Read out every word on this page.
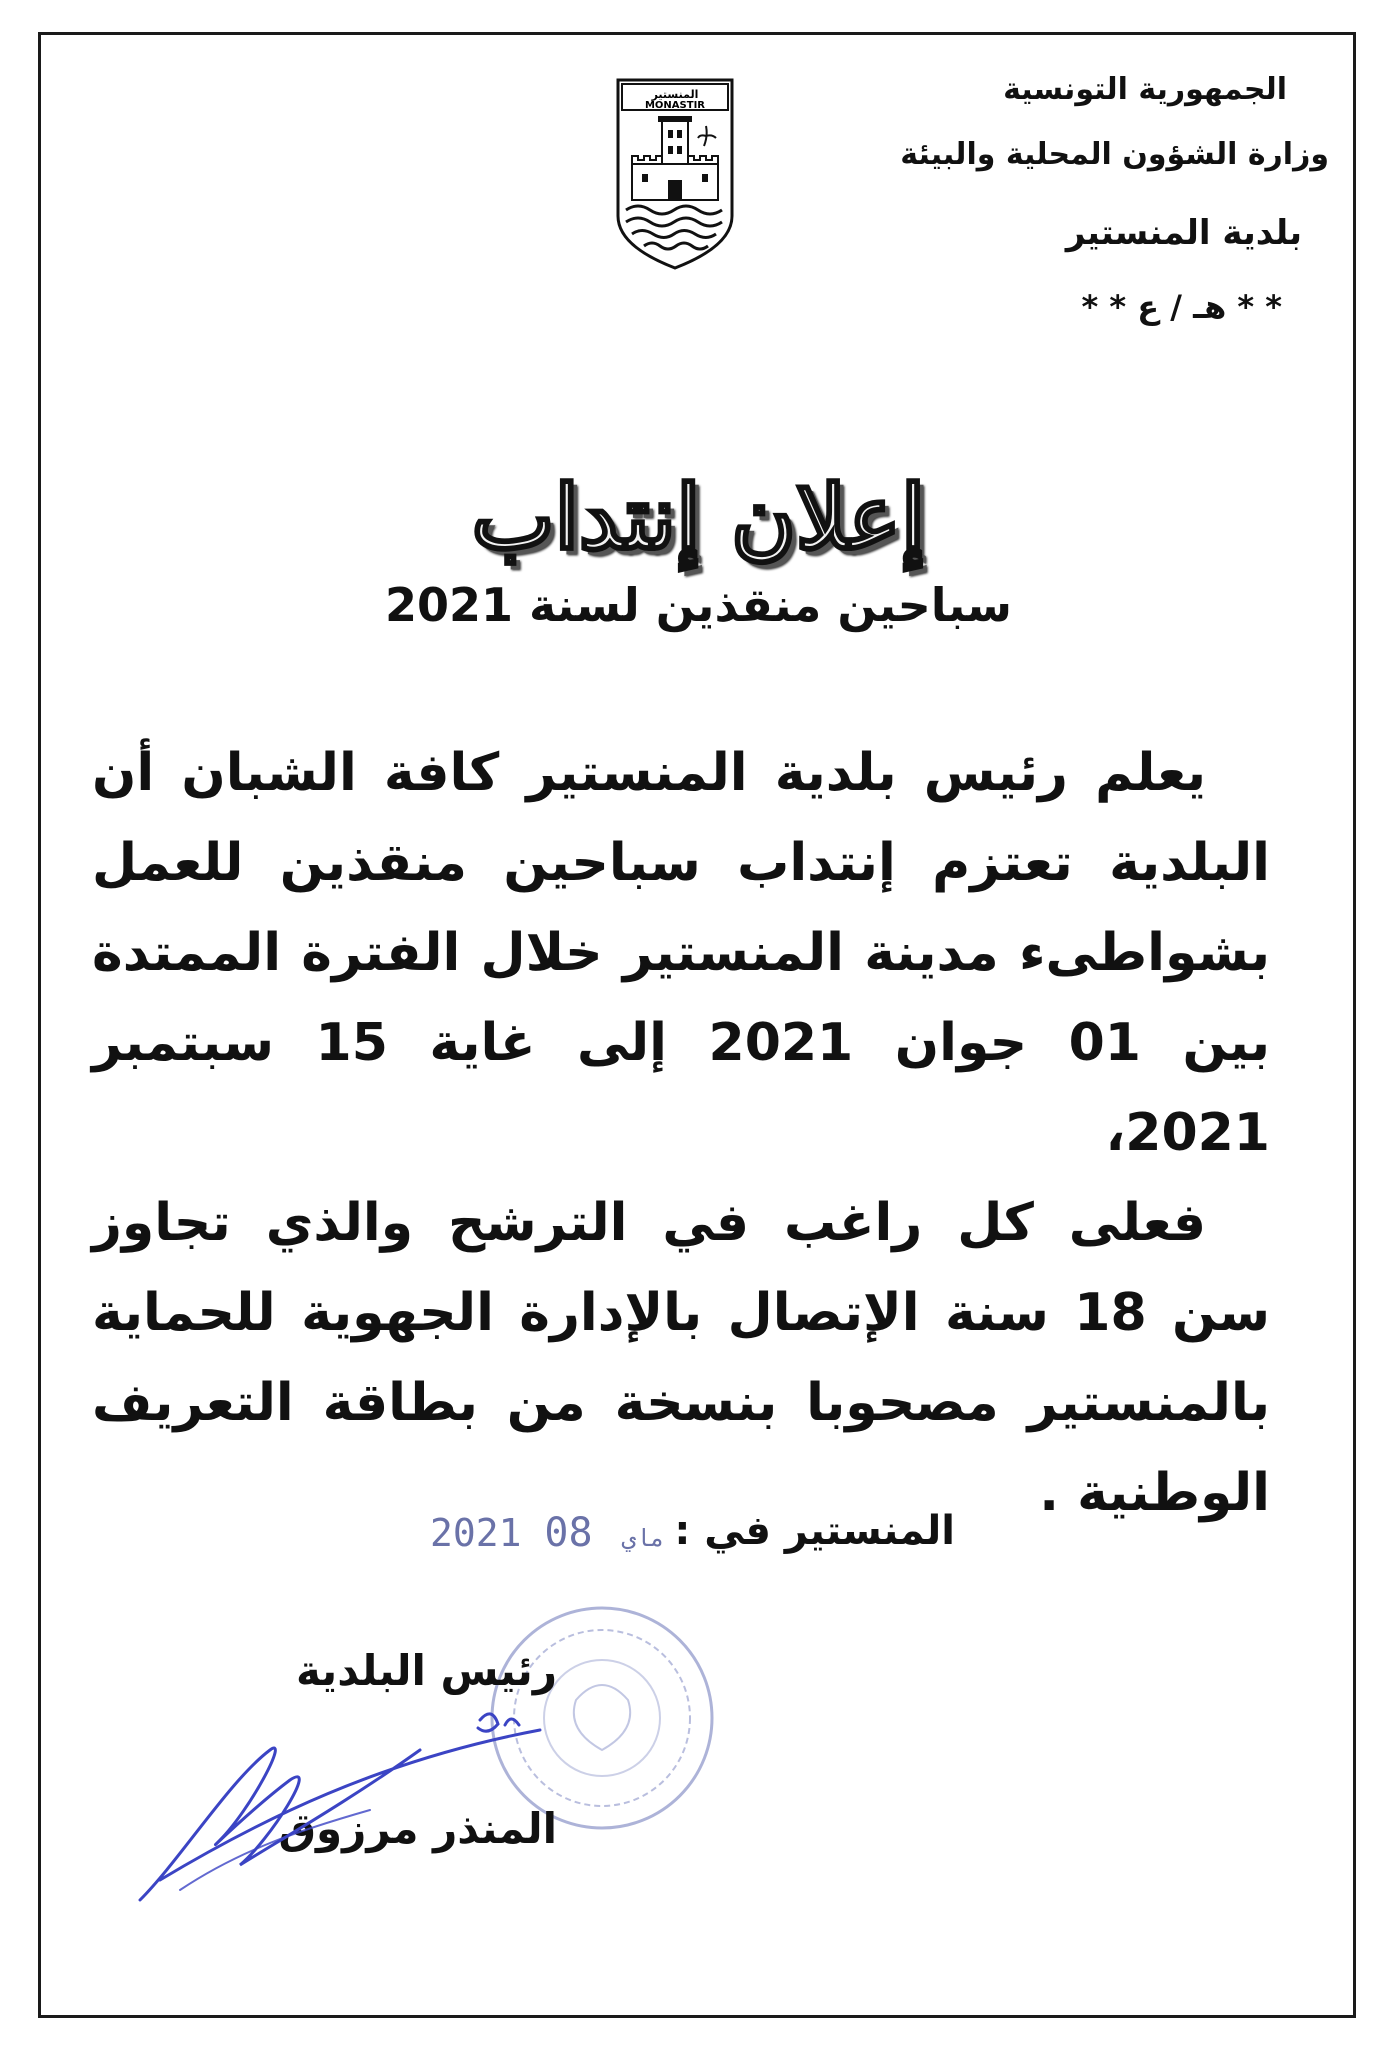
الجمهورية التونسية
وزارة الشؤون المحلية والبيئة
بلدية المنستير
* * هـ / ع * *
المنستير
MONASTIR
إعلان إنتداب
سباحين منقذين لسنة 2021

يعلم رئيس بلدية المنستير كافة الشبان أن البلدية تعتزم إنتداب سباحين منقذين للعمل بشواطىء مدينة المنستير خلال الفترة الممتدة بين 01 جوان 2021 إلى غاية 15 سبتمبر 2021،

فعلى كل راغب في الترشح والذي تجاوز سن 18 سنة الإتصال بالإدارة الجهوية للحماية بالمنستير مصحوبا بنسخة من بطاقة التعريف الوطنية .

المنستير في :
2021	ماي 08
رئيس البلدية
المنذر مرزوق
